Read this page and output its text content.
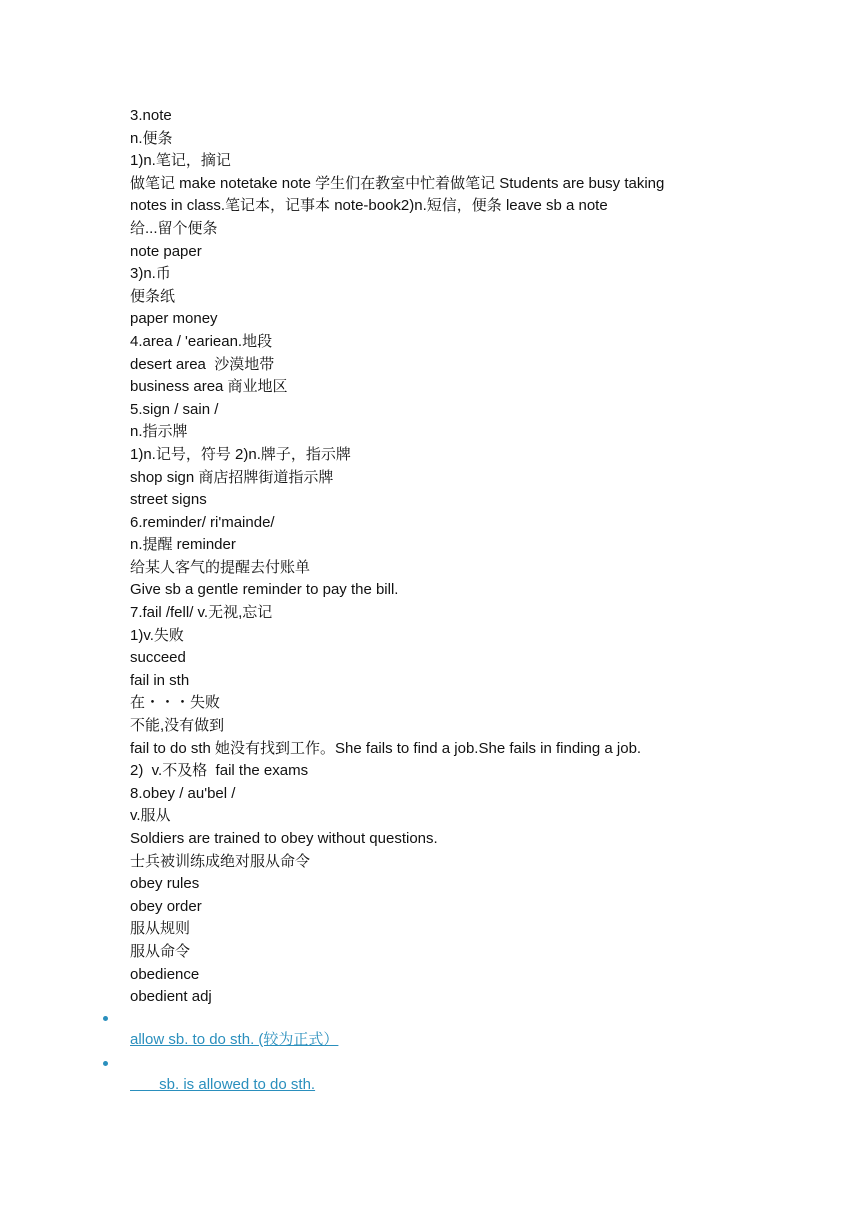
3.note
n.便条
1)n.笔记，摘记
做笔记 make notetake note 学生们在教室中忙着做笔记 Students are busy taking
notes in class.笔记本，记事本 note-book2)n.短信，便条 leave sb a note
给...留个便条
note paper
3)n.币
便条纸
paper money
4.area / 'eariean.地段
desert area  沙漠地带
business area 商业地区
5.sign / sain /
n.指示牌
1)n.记号，符号 2)n.牌子，指示牌
shop sign 商店招牌街道指示牌
street signs
6.reminder/ ri'mainde/
n.提醒 reminder
给某人客气的提醒去付账单
Give sb a gentle reminder to pay the bill.
7.fail /fell/ v.无视,忘记
1)v.失败
succeed
fail in sth
在・・・失败
不能,没有做到
fail to do sth 她没有找到工作。She fails to find a job.She fails in finding a job.
2)  v.不及格  fail the exams
8.obey / au'bel /
v.服从
Soldiers are trained to obey without questions.
士兵被训练成绝对服从命令
obey rules
obey order
服从规则
服从命令
obedience
obedient adj
allow sb. to do sth. (较为正式）
sb. is allowed to do sth.
